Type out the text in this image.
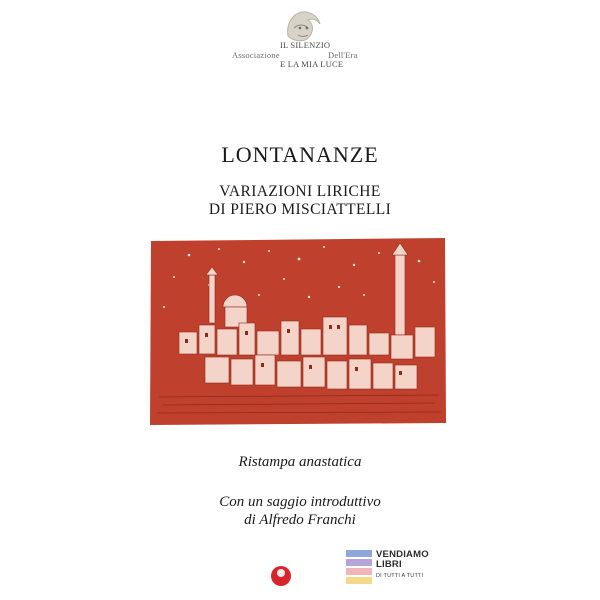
IL SILENZIO
Associazione	Dell'Era
E LA MIA LUCE
LONTANANZE
VARIAZIONI LIRICHE
DI PIERO MISCIATTELLI
Ristampa anastatica
Con un saggio introduttivo
di Alfredo Franchi
VENDIAMO
LIBRI
DI TUTTI A TUTTI
